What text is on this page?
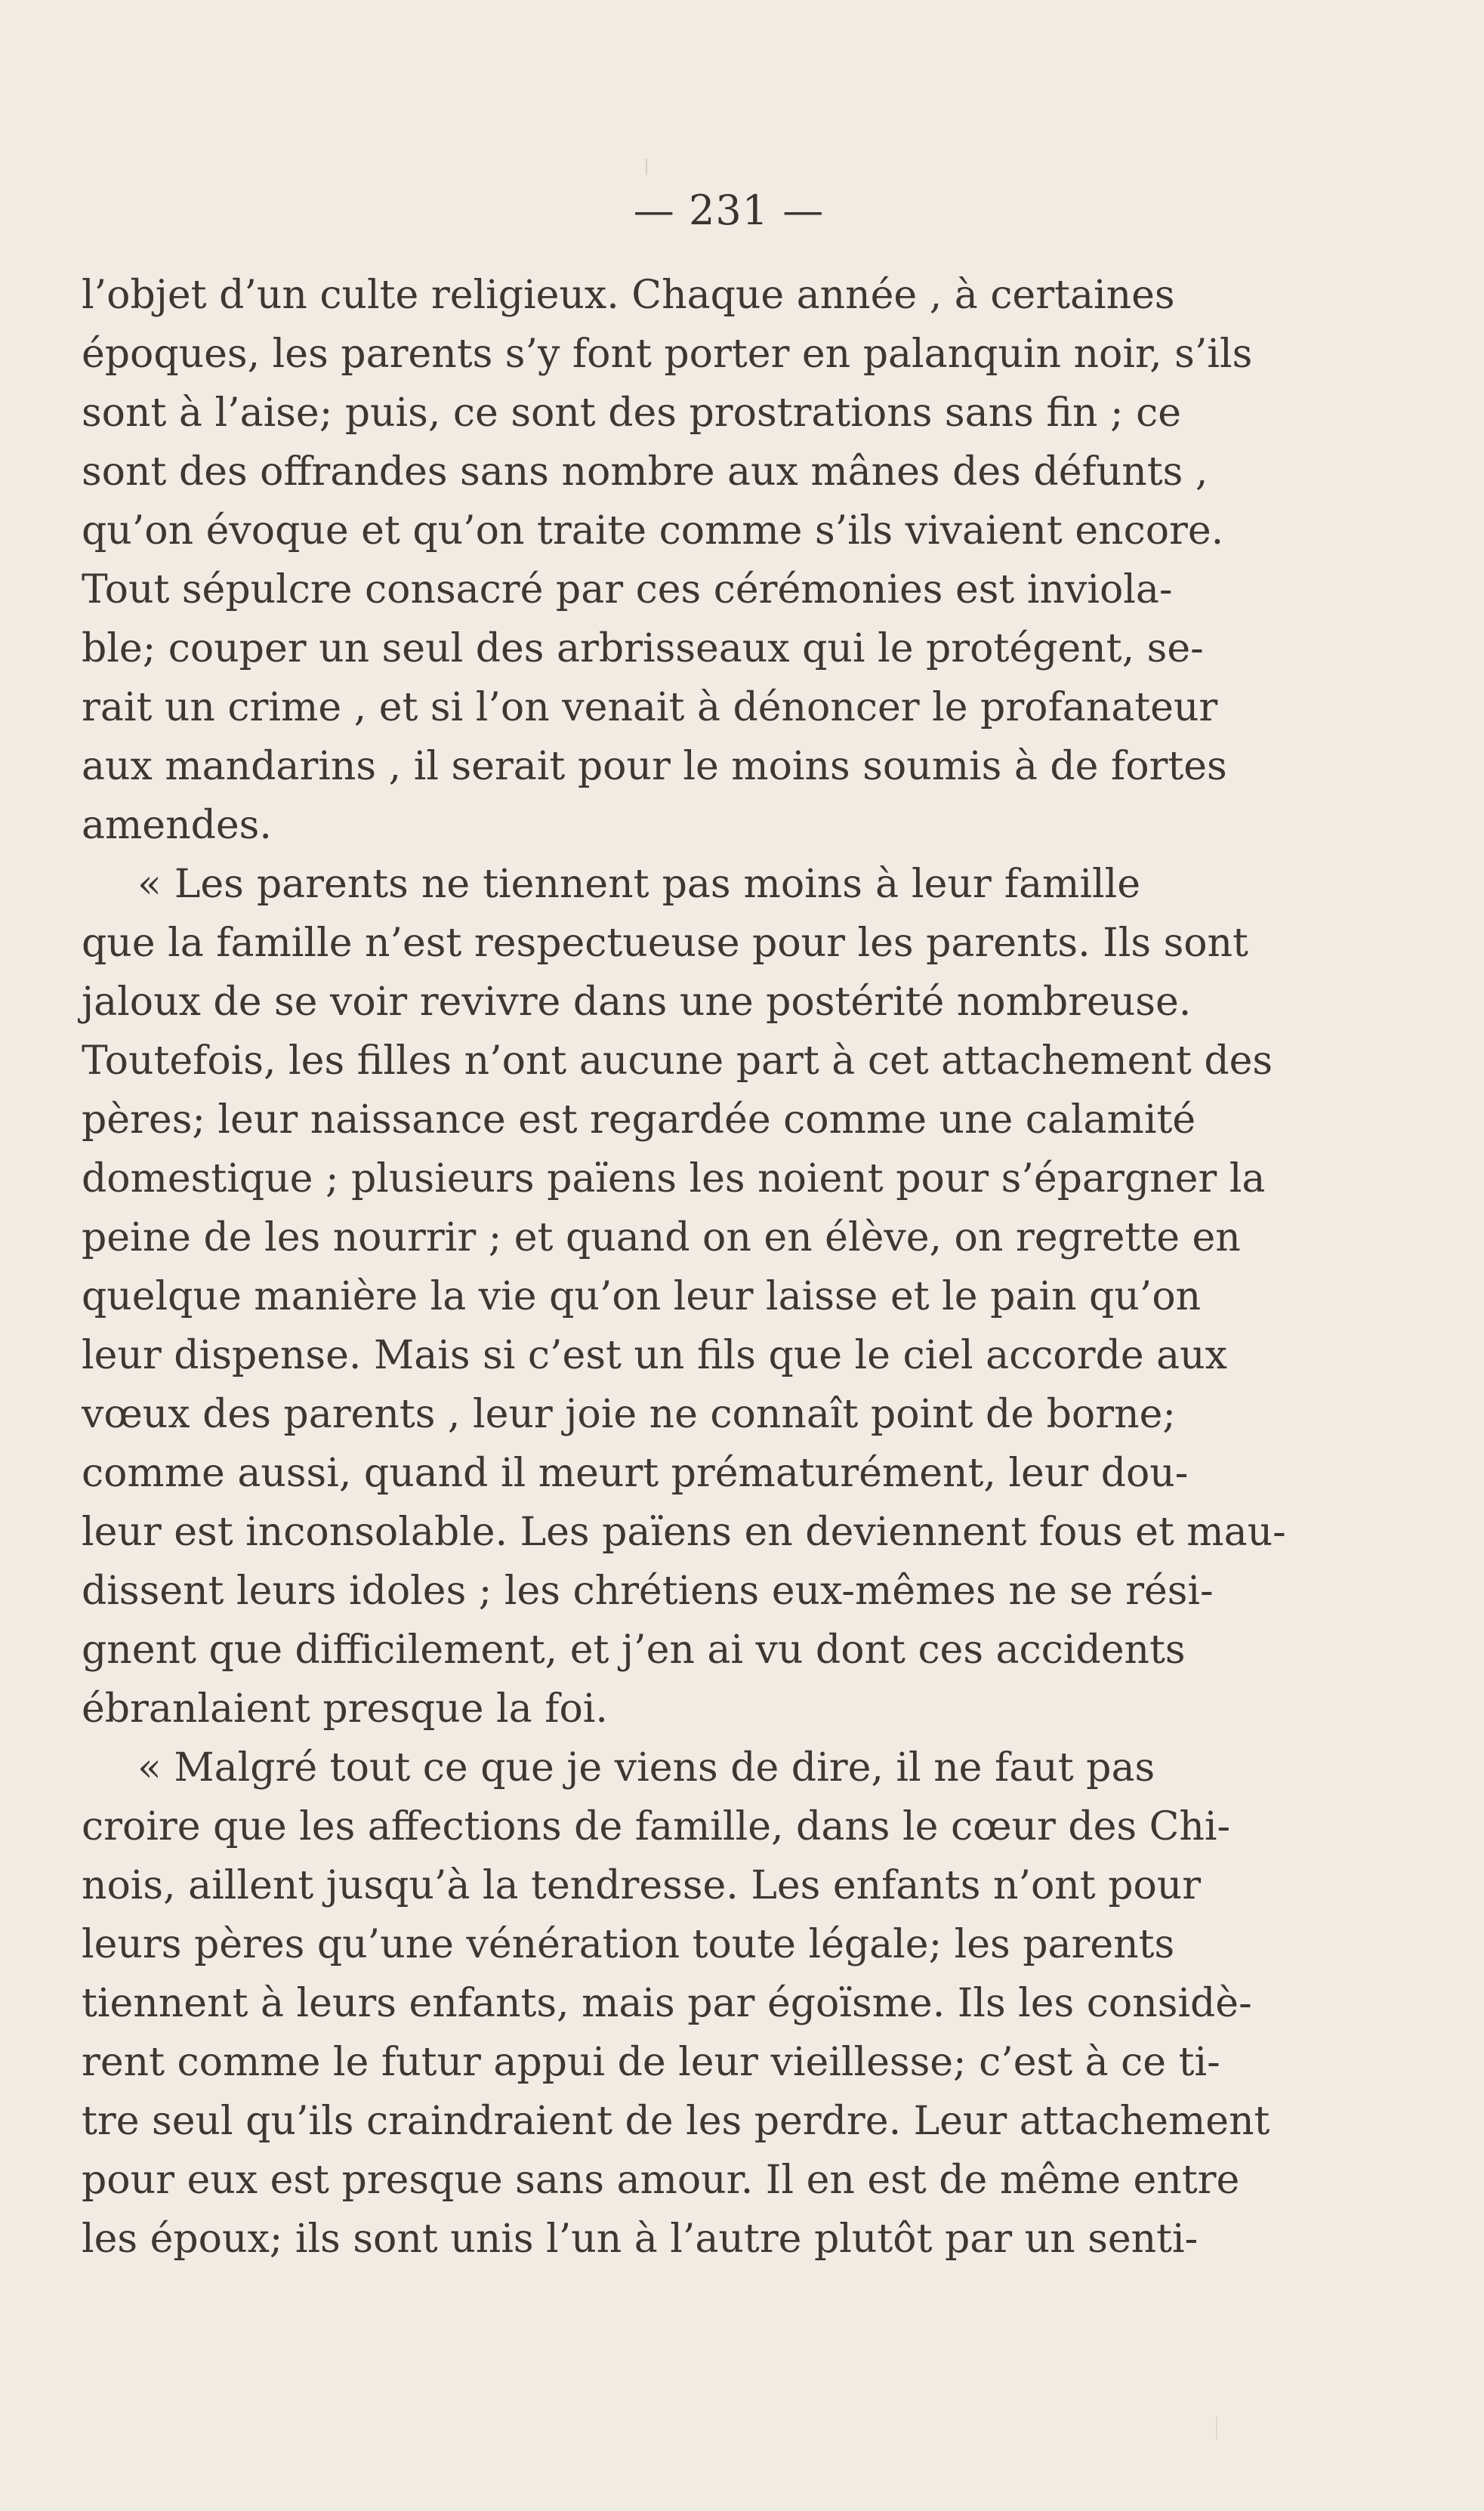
— 231 —
l’objet d’un culte religieux. Chaque année , à certaines
époques, les parents s’y font porter en palanquin noir, s’ils
sont à l’aise; puis, ce sont des prostrations sans fin ; ce
sont des offrandes sans nombre aux mânes des défunts ,
qu’on évoque et qu’on traite comme s’ils vivaient encore.
Tout sépulcre consacré par ces cérémonies est inviola-
ble; couper un seul des arbrisseaux qui le protégent, se-
rait un crime , et si l’on venait à dénoncer le profanateur
aux mandarins , il serait pour le moins soumis à de fortes
amendes.
« Les parents ne tiennent pas moins à leur famille
que la famille n’est respectueuse pour les parents. Ils sont
jaloux de se voir revivre dans une postérité nombreuse.
Toutefois, les filles n’ont aucune part à cet attachement des
pères; leur naissance est regardée comme une calamité
domestique ; plusieurs païens les noient pour s’épargner la
peine de les nourrir ; et quand on en élève, on regrette en
quelque manière la vie qu’on leur laisse et le pain qu’on
leur dispense. Mais si c’est un fils que le ciel accorde aux
vœux des parents , leur joie ne connaît point de borne;
comme aussi, quand il meurt prématurément, leur dou-
leur est inconsolable. Les païens en deviennent fous et mau-
dissent leurs idoles ; les chrétiens eux-mêmes ne se rési-
gnent que difficilement, et j’en ai vu dont ces accidents
ébranlaient presque la foi.
« Malgré tout ce que je viens de dire, il ne faut pas
croire que les affections de famille, dans le cœur des Chi-
nois, aillent jusqu’à la tendresse. Les enfants n’ont pour
leurs pères qu’une vénération toute légale; les parents
tiennent à leurs enfants, mais par égoïsme. Ils les considè-
rent comme le futur appui de leur vieillesse; c’est à ce ti-
tre seul qu’ils craindraient de les perdre. Leur attachement
pour eux est presque sans amour. Il en est de même entre
les époux; ils sont unis l’un à l’autre plutôt par un senti-
